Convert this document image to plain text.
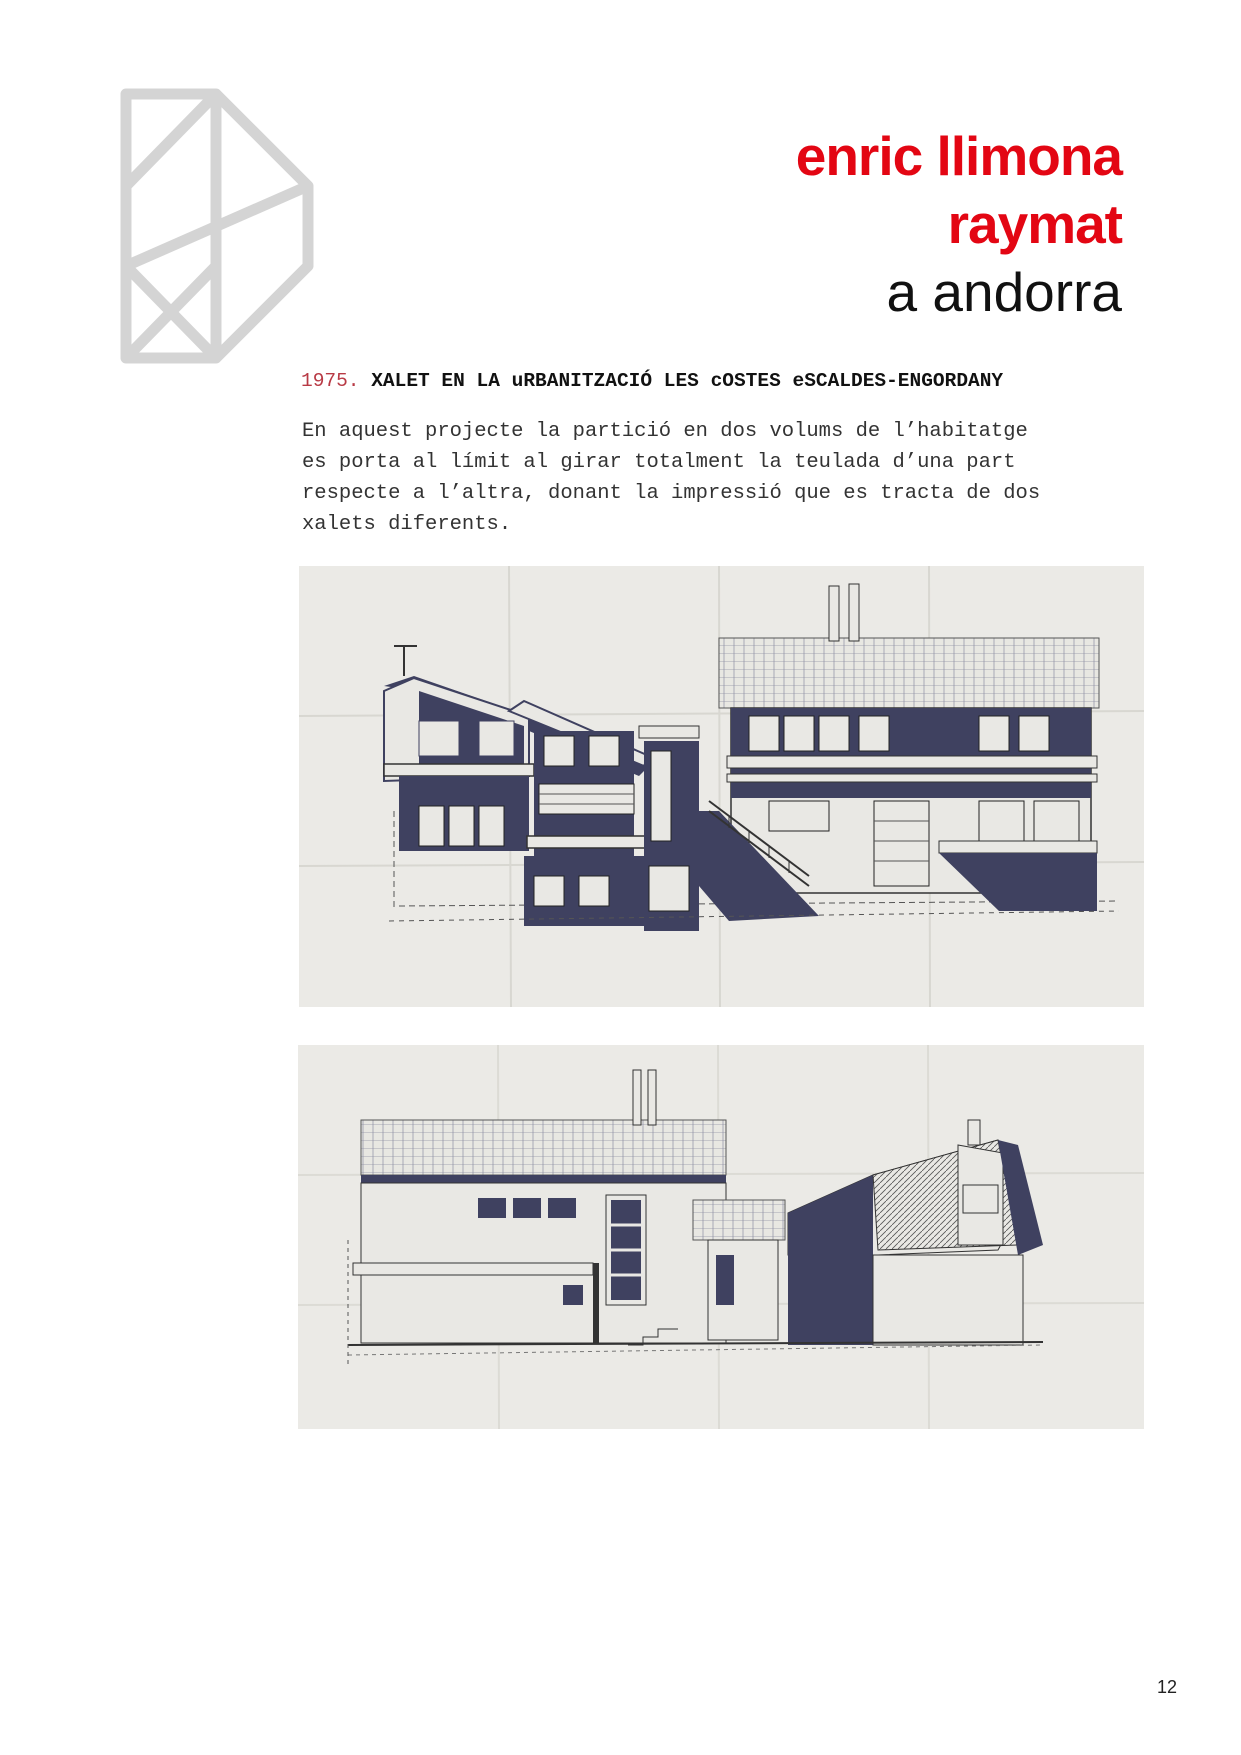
enric llimona
raymat
a andorra
1975. XALET EN LA uRBANITZACIÓ LES cOSTES eSCALDES-ENGORDANY
En aquest projecte la partició en dos volums de l’habitatge
es porta al límit al girar totalment la teulada d’una part
respecte a l’altra, donant la impressió que es tracta de dos
xalets diferents.
12
